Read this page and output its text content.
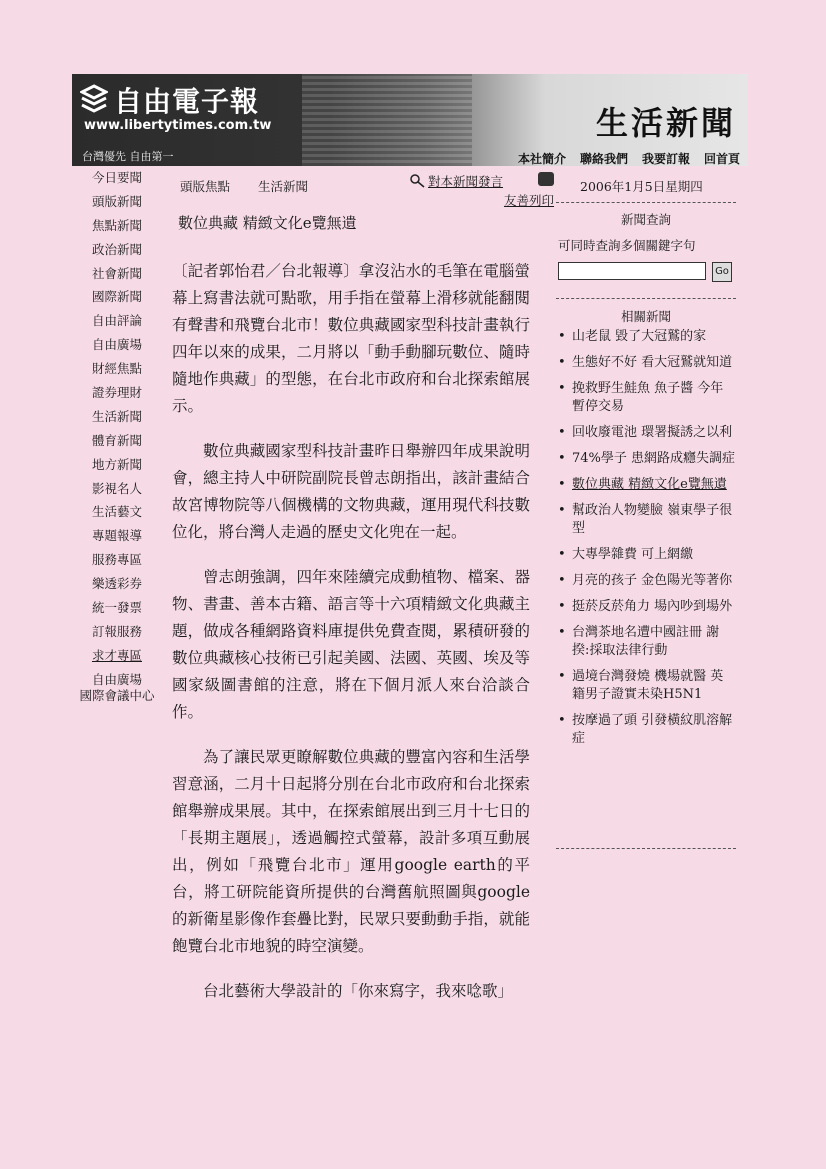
自由電子報
www.libertytimes.com.tw
台灣優先 自由第一
生活新聞
本社簡介 聯絡我們 我要訂報 回首頁
今日要聞
頭版新聞
焦點新聞
政治新聞
社會新聞
國際新聞
自由評論
自由廣場
財經焦點
證券理財
生活新聞
體育新聞
地方新聞
影視名人
生活藝文
專題報導
服務專區
樂透彩券
統一發票
訂報服務
求才專區
自由廣場
國際會議中心
頭版焦點 生活新聞	對本新聞發言
友善列印
2006年1月5日星期四
數位典藏 精緻文化e覽無遺

〔記者郭怡君／台北報導〕拿沒沾水的毛筆在電腦螢幕上寫書法就可點歌，用手指在螢幕上滑移就能翻閱有聲書和飛覽台北市！數位典藏國家型科技計畫執行四年以來的成果，二月將以「動手動腳玩數位、隨時隨地作典藏」的型態，在台北市政府和台北探索館展示。

數位典藏國家型科技計畫昨日舉辦四年成果說明會，總主持人中研院副院長曾志朗指出，該計畫結合故宮博物院等八個機構的文物典藏，運用現代科技數位化，將台灣人走過的歷史文化兜在一起。

曾志朗強調，四年來陸續完成動植物、檔案、器物、書畫、善本古籍、語言等十六項精緻文化典藏主題，做成各種網路資料庫提供免費查閱，累積研發的數位典藏核心技術已引起美國、法國、英國、埃及等國家級圖書館的注意，將在下個月派人來台洽談合作。

為了讓民眾更瞭解數位典藏的豐富內容和生活學習意涵，二月十日起將分別在台北市政府和台北探索館舉辦成果展。其中，在探索館展出到三月十七日的「長期主題展」，透過觸控式螢幕，設計多項互動展出，例如「飛覽台北市」運用google earth的平台，將工研院能資所提供的台灣舊航照圖與google的新衛星影像作套疊比對，民眾只要動動手指，就能飽覽台北市地貌的時空演變。

台北藝術大學設計的「你來寫字，我來唸歌」

新聞查詢
可同時查詢多個關鍵字句
Go
相關新聞
• 山老鼠 毀了大冠鷲的家
• 生態好不好 看大冠鷲就知道
• 挽救野生鮭魚 魚子醬 今年暫停交易
• 回收廢電池 環署擬誘之以利
• 74%學子 患網路成癮失調症
• 數位典藏 精緻文化e覽無遺
• 幫政治人物變臉 嶺東學子很型
• 大專學雜費 可上網繳
• 月亮的孩子 金色陽光等著你
• 挺菸反菸角力 場內吵到場外
• 台灣茶地名遭中國註冊 謝揆:採取法律行動
• 過境台灣發燒 機場就醫 英籍男子證實未染H5N1
• 按摩過了頭 引發橫紋肌溶解症
